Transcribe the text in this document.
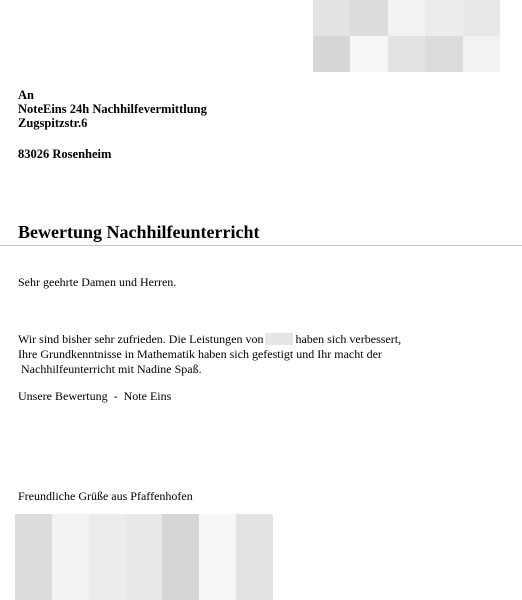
An
NoteEins 24h Nachhilfevermittlung
Zugspitzstr.6
83026 Rosenheim
Bewertung Nachhilfeunterricht
Sehr geehrte Damen und Herren.
Wir sind bisher sehr zufrieden. Die Leistungen von	haben sich verbessert,
Ihre Grundkenntnisse in Mathematik haben sich gefestigt und Ihr macht der
Nachhilfeunterricht mit Nadine Spaß.
Unsere Bewertung  -  Note Eins
Freundliche Grüße aus Pfaffenhofen
